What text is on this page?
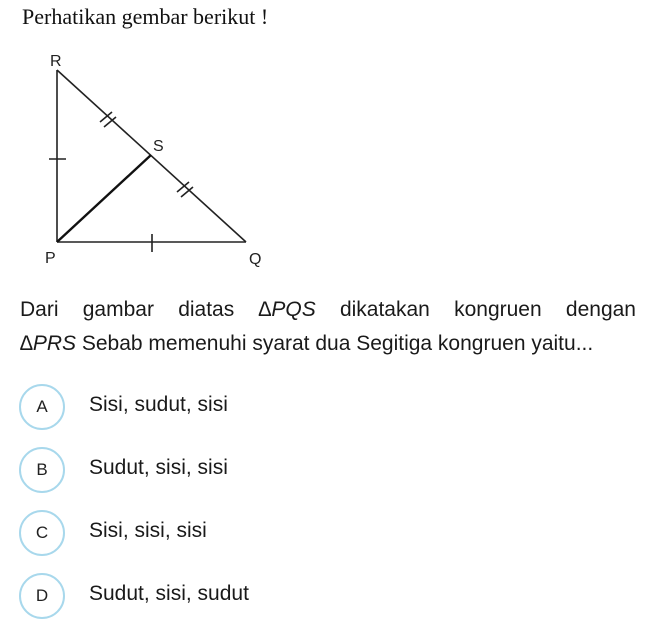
Perhatikan gembar berikut !
R
S
P	Q
Dari gambar diatas ∆PQS dikatakan kongruen dengan
∆PRS Sebab memenuhi syarat dua Segitiga kongruen yaitu...
A	Sisi, sudut, sisi
B	Sudut, sisi, sisi
C	Sisi, sisi, sisi
D	Sudut, sisi, sudut
